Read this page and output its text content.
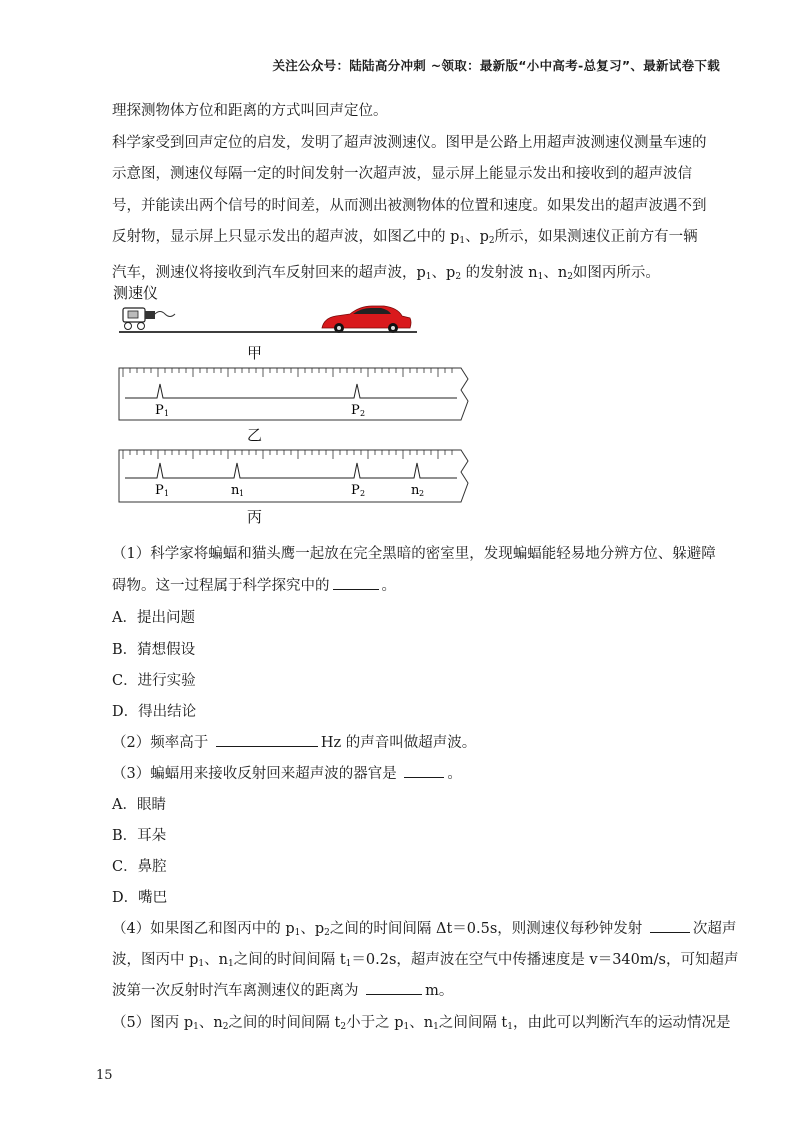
关注公众号：陆陆高分冲刺 ~领取：最新版“小中高考-总复习”、最新试卷下载

理探测物体方位和距离的方式叫回声定位。

科学家受到回声定位的启发，发明了超声波测速仪。图甲是公路上用超声波测速仪测量车速的示意图，测速仪每隔一定的时间发射一次超声波，显示屏上能显示发出和接收到的超声波信号，并能读出两个信号的时间差，从而测出被测物体的位置和速度。如果发出的超声波遇不到反射物，显示屏上只显示发出的超声波，如图乙中的 $p_1$、$p_2$所示，如果测速仪正前方有一辆汽车，测速仪将接收到汽车反射回来的超声波，$p_1$、$p_2$ 的发射波 $n_1$、$n_2$如图丙所示。

测速仪
P 1	P 2
P 1	n 1	P 2	n 2
甲
乙
丙
（1）科学家将蝙蝠和猫头鹰一起放在完全黑暗的密室里，发现蝙蝠能轻易地分辨方位、躲避障
碍物。这一过程属于科学探究中的	。
A．提出问题
B．猜想假设
C．进行实验
D．得出结论
（2）频率高于	Hz 的声音叫做超声波。
（3）蝙蝠用来接收反射回来超声波的器官是	。
A．眼睛
B．耳朵
C．鼻腔
D．嘴巴
（4）如果图乙和图丙中的 $p_1$、$p_2$之间的时间间隔 Δt＝0.5s，则测速仪每秒钟发射	次超声
波，图丙中 $p_1$、$n_1$之间的时间间隔 $t_1=0.2s$，超声波在空气中传播速度是 v＝340m/s，可知超声
波第一次反射时汽车离测速仪的距离为	m。
（5）图丙 $p_1$、$n_2$之间的时间间隔 $t_2$小于之 $p_1$、$n_1$之间间隔 $t_1$，由此可以判断汽车的运动情况是
15
